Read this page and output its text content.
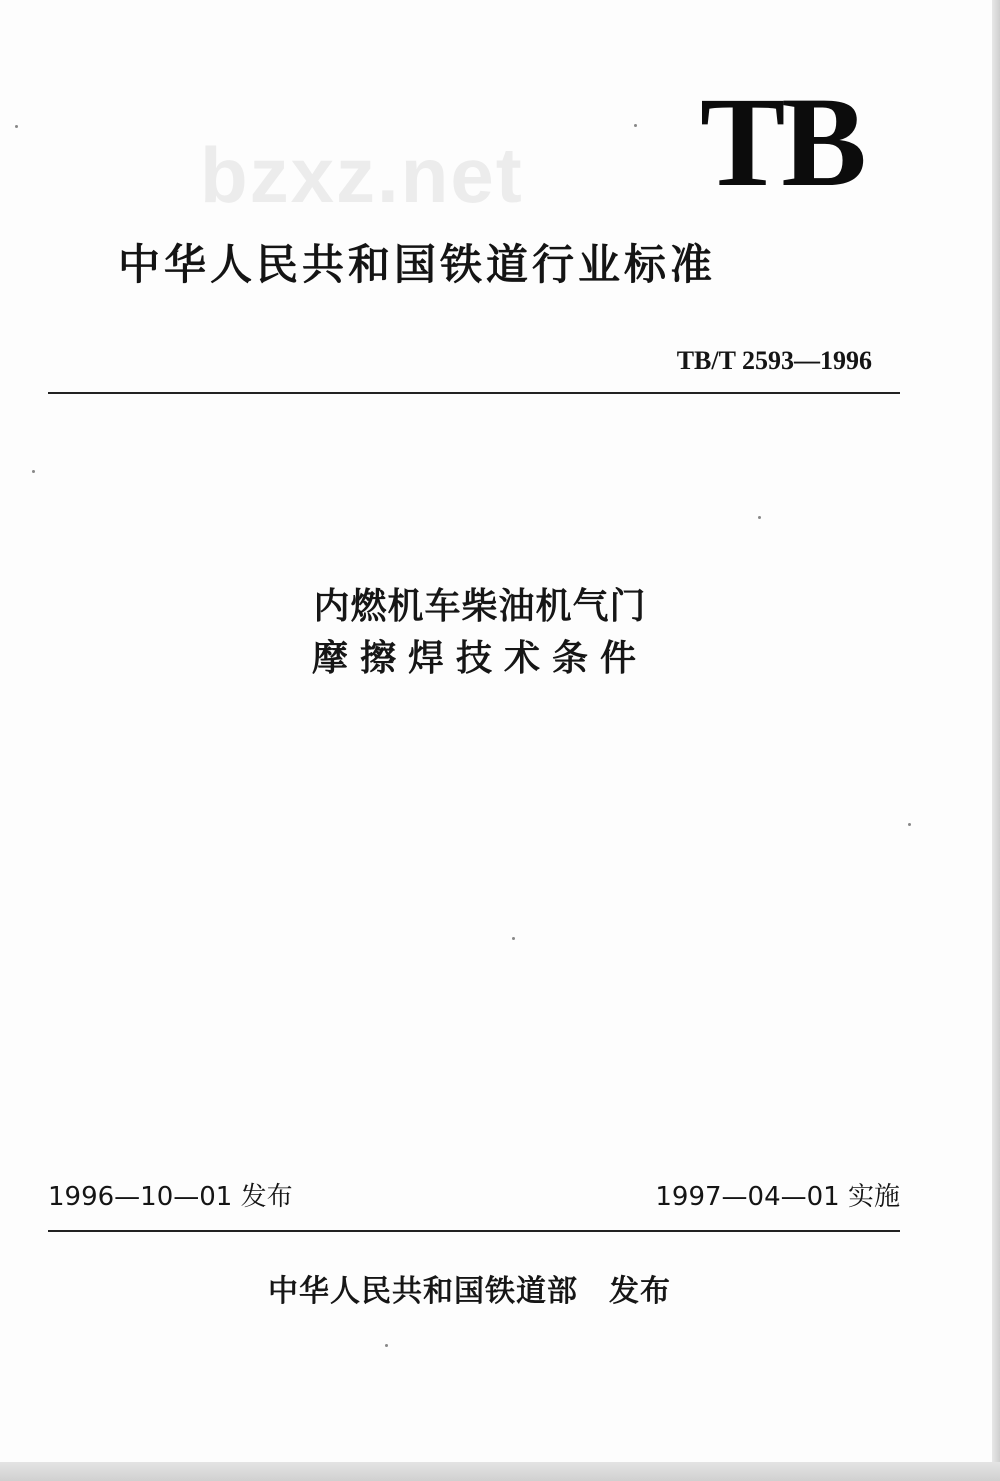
bzxz.net TB
中华人民共和国铁道行业标准
TB/T 2593—1996
内燃机车柴油机气门
摩擦焊技术条件
1996—10—01 发布	1997—04—01 实施
中华人民共和国铁道部　发布
